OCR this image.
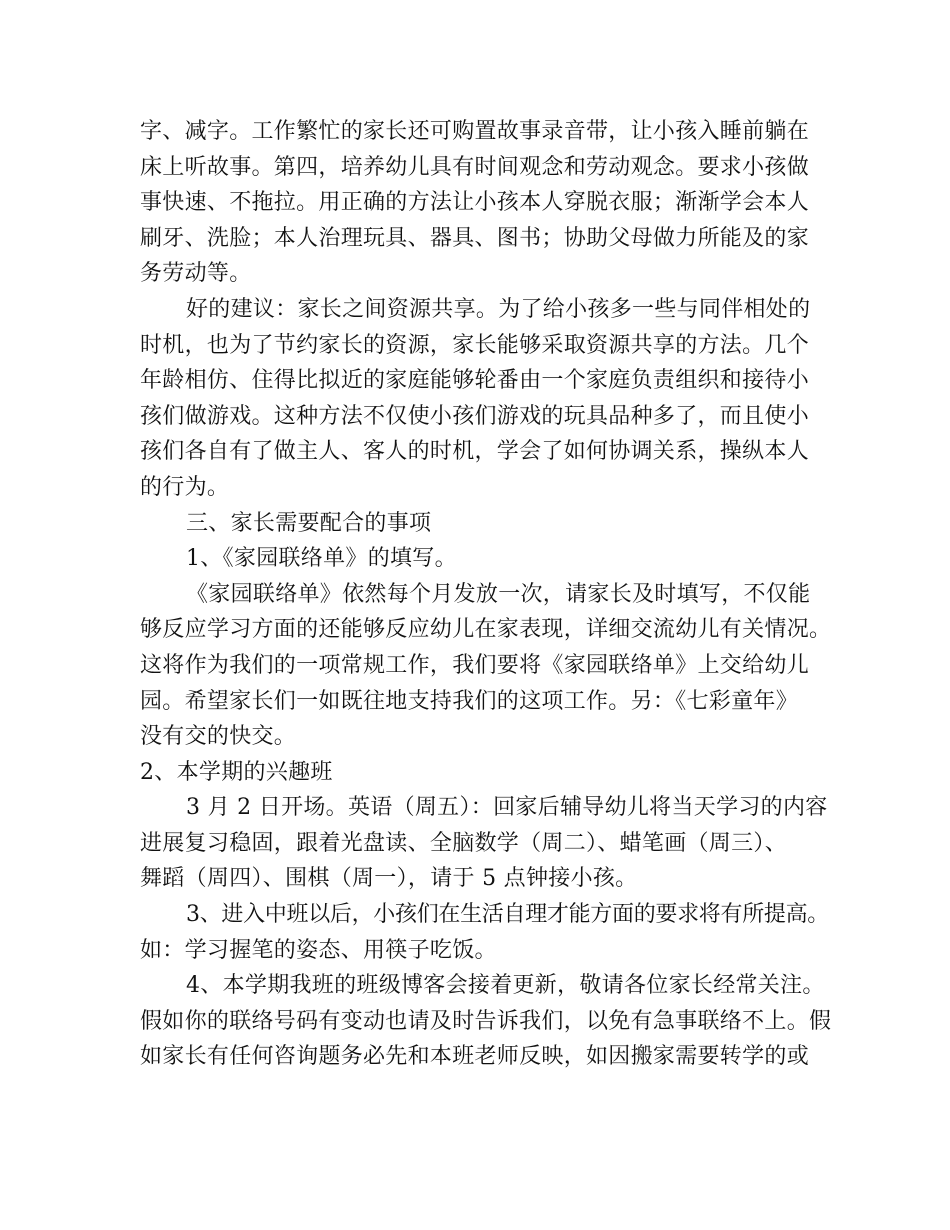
字、减字。工作繁忙的家长还可购置故事录音带，让小孩入睡前躺在
床上听故事。第四，培养幼儿具有时间观念和劳动观念。要求小孩做
事快速、不拖拉。用正确的方法让小孩本人穿脱衣服；渐渐学会本人
刷牙、洗脸；本人治理玩具、器具、图书；协助父母做力所能及的家
务劳动等。
好的建议：家长之间资源共享。为了给小孩多一些与同伴相处的
时机，也为了节约家长的资源，家长能够采取资源共享的方法。几个
年龄相仿、住得比拟近的家庭能够轮番由一个家庭负责组织和接待小
孩们做游戏。这种方法不仅使小孩们游戏的玩具品种多了，而且使小
孩们各自有了做主人、客人的时机，学会了如何协调关系，操纵本人
的行为。
三、家长需要配合的事项
1、《家园联络单》的填写。
《家园联络单》依然每个月发放一次，请家长及时填写，不仅能
够反应学习方面的还能够反应幼儿在家表现，详细交流幼儿有关情况。
这将作为我们的一项常规工作，我们要将《家园联络单》上交给幼儿
园。希望家长们一如既往地支持我们的这项工作。另：《七彩童年》
没有交的快交。
2、本学期的兴趣班
3 月 2 日开场。英语（周五）：回家后辅导幼儿将当天学习的内容
进展复习稳固，跟着光盘读、全脑数学（周二）、蜡笔画（周三）、
舞蹈（周四）、围棋（周一），请于 5 点钟接小孩。
3、进入中班以后，小孩们在生活自理才能方面的要求将有所提高。
如：学习握笔的姿态、用筷子吃饭。
4、本学期我班的班级博客会接着更新，敬请各位家长经常关注。
假如你的联络号码有变动也请及时告诉我们，以免有急事联络不上。假
如家长有任何咨询题务必先和本班老师反映，如因搬家需要转学的或
